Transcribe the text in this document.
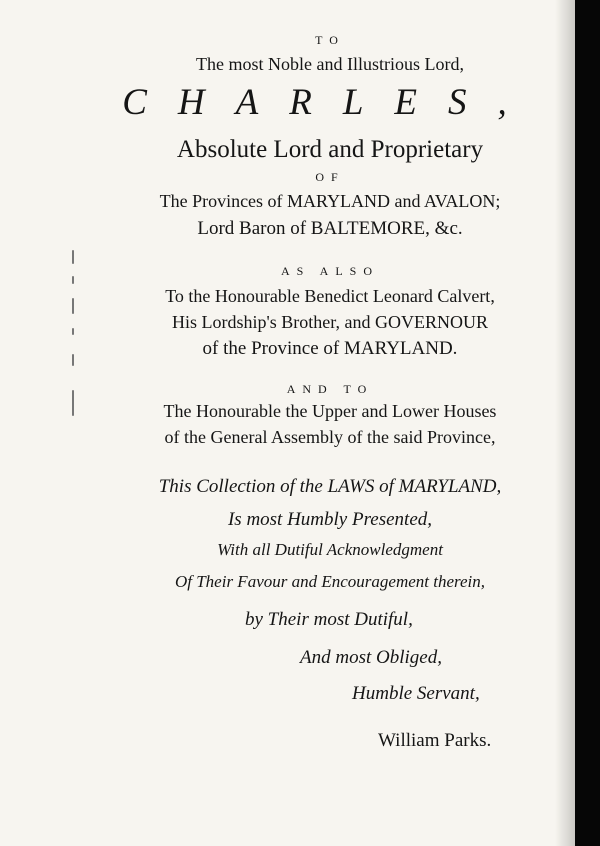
TO
The most Noble and Illustrious Lord,
CHARLES,
Absolute Lord and Proprietary
OF
The Provinces of MARYLAND and AVALON;
Lord Baron of BALTEMORE, &c.
AS ALSO
To the Honourable Benedict Leonard Calvert,
His Lordship's Brother, and GOVERNOUR
of the Province of MARYLAND.
AND TO
The Honourable the Upper and Lower Houses
of the General Assembly of the said Province,
This Collection of the LAWS of MARYLAND,
Is most Humbly Presented,
With all Dutiful Acknowledgment
Of Their Favour and Encouragement therein,
by Their most Dutiful,
And most Obliged,
Humble Servant,
William Parks.
